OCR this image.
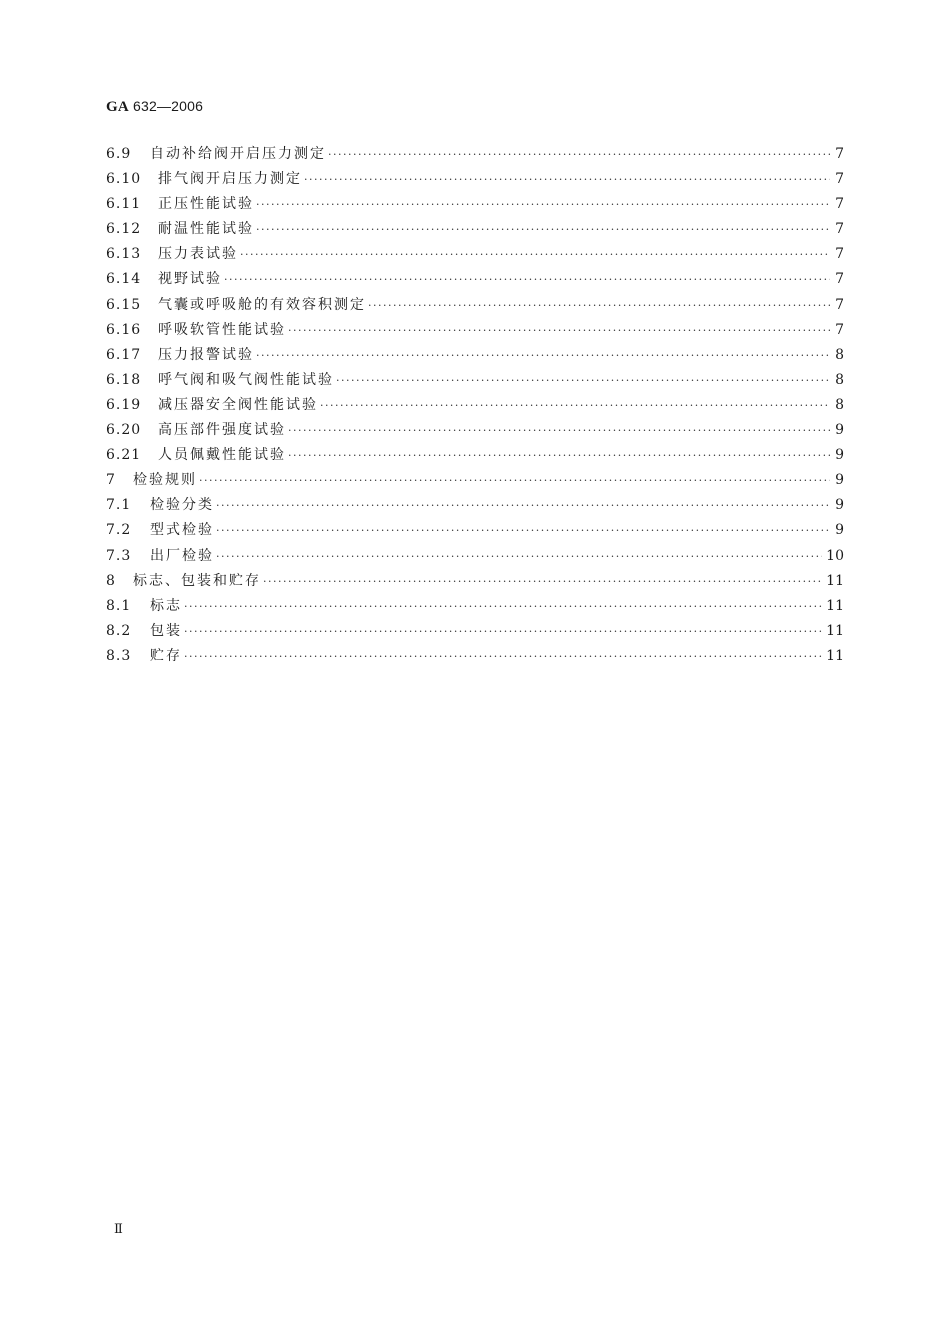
GA 632—2006
6.9	自动补给阀开启压力测定 ·····	7
6.10	排气阀开启压力测定 ·····	7
6.11	正压性能试验 ·····	7
6.12	耐温性能试验 ·····	7
6.13	压力表试验 ·····	7
6.14	视野试验 ·····	7
6.15	气囊或呼吸舱的有效容积测定 ·····	7
6.16	呼吸软管性能试验 ·····	7
6.17	压力报警试验 ·····	8
6.18	呼气阀和吸气阀性能试验 ·····	8
6.19	减压器安全阀性能试验 ·····	8
6.20	高压部件强度试验 ·····	9
6.21	人员佩戴性能试验 ·····	9
7	检验规则 ·····	9
7.1	检验分类 ·····	9
7.2	型式检验 ·····	9
7.3	出厂检验 ·····	10
8	标志、包装和贮存 ·····	11
8.1	标志 ·····	11
8.2	包装 ·····	11
8.3	贮存 ·····	11
Ⅱ
